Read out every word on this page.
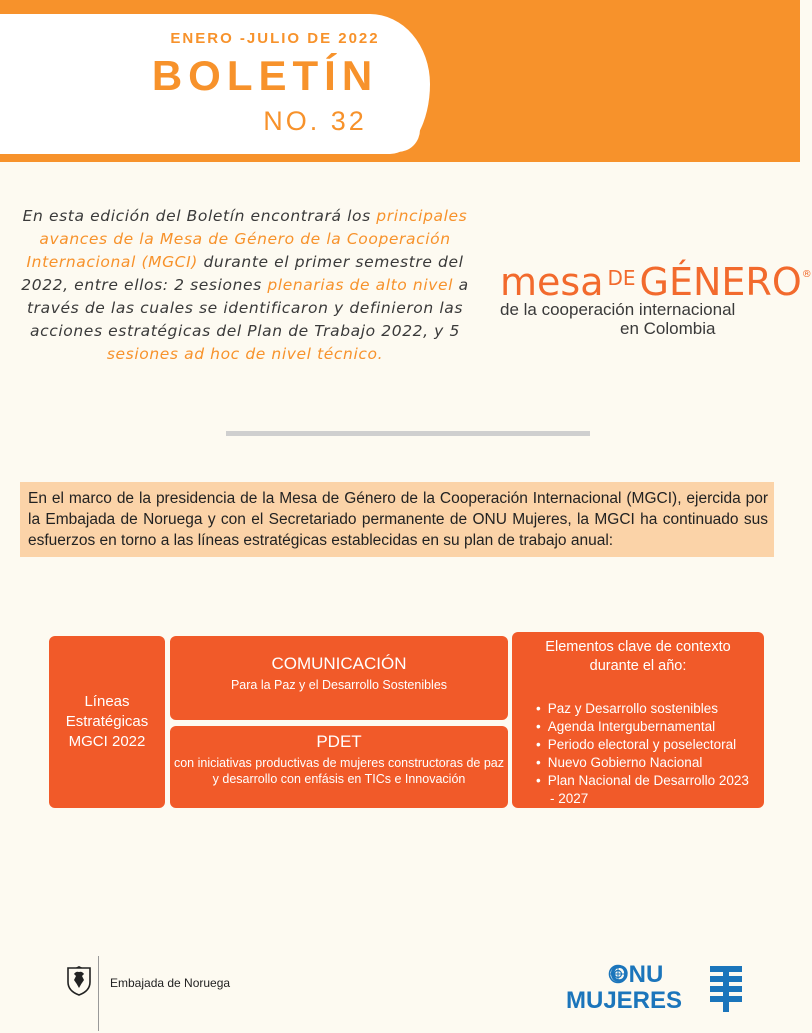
ENERO -JULIO DE 2022
BOLETÍN
NO. 32
En esta edición del Boletín encontrará los principales avances de la Mesa de Género de la Cooperación Internacional (MGCI) durante el primer semestre del 2022, entre ellos: 2 sesiones plenarias de alto nivel a través de las cuales se identificaron y definieron las acciones estratégicas del Plan de Trabajo 2022, y 5 sesiones ad hoc de nivel técnico.
mesa $^{DE}$ GÉNERO®
de la cooperación internacional
en Colombia
En el marco de la presidencia de la Mesa de Género de la Cooperación Internacional (MGCI), ejercida por la Embajada de Noruega y con el Secretariado permanente de ONU Mujeres, la MGCI ha continuado sus esfuerzos en torno a las líneas estratégicas establecidas en su plan de trabajo anual:
Líneas Estratégicas MGCI 2022
COMUNICACIÓN
Para la Paz y el Desarrollo Sostenibles
PDET
con iniciativas productivas de mujeres constructoras de paz y desarrollo con enfásis en TICs e Innovación
Elementos clave de contexto durante el año:
• Paz y Desarrollo sostenibles
• Agenda Intergubernamental
• Periodo electoral y poselectoral
• Nuevo Gobierno Nacional
• Plan Nacional de Desarrollo 2023 - 2027
Embajada de Noruega	ONU
MUJERES
